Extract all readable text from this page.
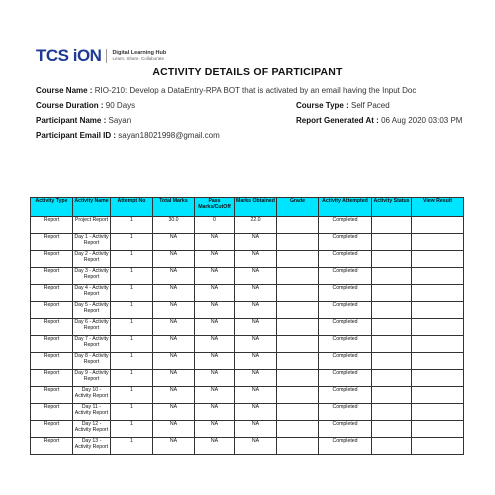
TCS iON Digital Learning Hub
Learn. Share. Collaborate
ACTIVITY DETAILS OF PARTICIPANT
Course Name : RIO-210: Develop a DataEntry-RPA BOT that is activated by an email having the Input Doc
Course Duration : 90 Days	Course Type : Self Paced
Participant Name : Sayan	Report Generated At : 06 Aug 2020 03:03 PM
Participant Email ID : sayan18021998@gmail.com
Activity Type	Activity Name	Attempt No	Total Marks	Pass Marks/CutOff	Marks Obtained	Grade	Activity Attempted	Activity Status	View Result
Report	Project Report	1	30.0	0	22.0		Completed		
Report	Day 1 - Activity Report	1	NA	NA	NA		Completed		
Report	Day 2 - Activity Report	1	NA	NA	NA		Completed		
Report	Day 3 - Activity Report	1	NA	NA	NA		Completed		
Report	Day 4 - Activity Report	1	NA	NA	NA		Completed		
Report	Day 5 - Activity Report	1	NA	NA	NA		Completed		
Report	Day 6 - Activity Report	1	NA	NA	NA		Completed		
Report	Day 7 - Activity Report	1	NA	NA	NA		Completed		
Report	Day 8 - Activity Report	1	NA	NA	NA		Completed		
Report	Day 9 - Activity Report	1	NA	NA	NA		Completed		
Report	Day 10 - Activity Report	1	NA	NA	NA		Completed		
Report	Day 11 - Activity Report	1	NA	NA	NA		Completed		
Report	Day 12 - Activity Report	1	NA	NA	NA		Completed		
Report	Day 13 - Activity Report	1	NA	NA	NA		Completed		
